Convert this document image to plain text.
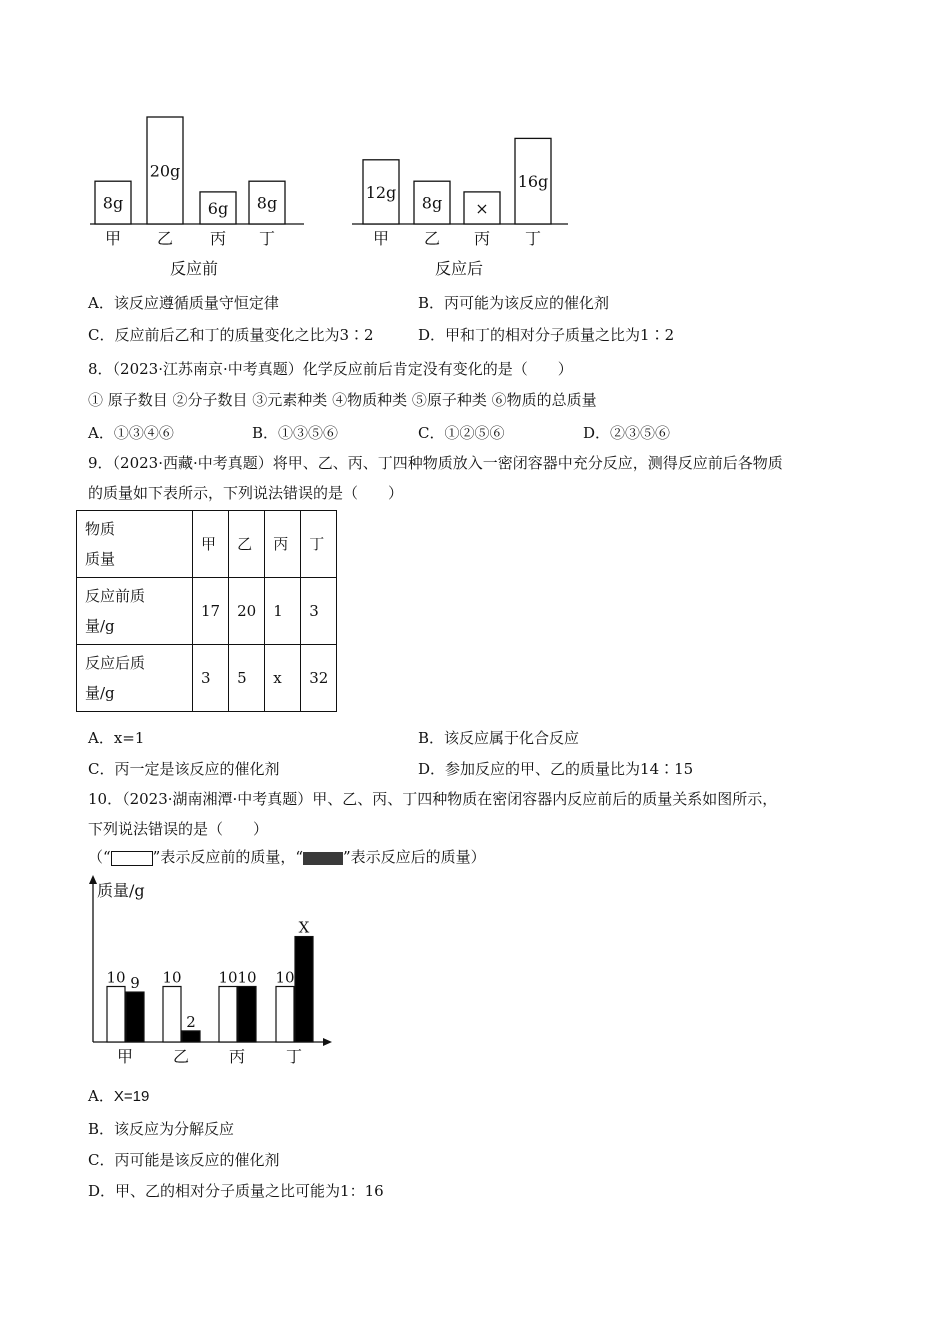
8g
甲
20g
乙
6g
丙
8g
丁
反应前
12g
甲
8g
乙
×
丙
16g
丁
反应后
A．该反应遵循质量守恒定律	B．丙可能为该反应的催化剂
C．反应前后乙和丁的质量变化之比为3∶2	D．甲和丁的相对分子质量之比为1∶2
8．（2023·江苏南京·中考真题）化学反应前后肯定没有变化的是（　　）
① 原子数目 ②分子数目 ③元素种类 ④物质种类 ⑤原子种类 ⑥物质的总质量
A．①③④⑥	B．①③⑤⑥	C．①②⑤⑥	D．②③⑤⑥
9．（2023·西藏·中考真题）将甲、乙、丙、丁四种物质放入一密闭容器中充分反应，测得反应前后各物质
的质量如下表所示，下列说法错误的是（　　）
物质
质量	甲	乙	丙	丁

反应前质
量/g	17	20	1	3

反应后质
量/g	3	5	x	32
A．x=1	B．该反应属于化合反应
C．丙一定是该反应的催化剂	D．参加反应的甲、乙的质量比为14∶15
10．（2023·湖南湘潭·中考真题）甲、乙、丙、丁四种物质在密闭容器内反应前后的质量关系如图所示，
下列说法错误的是（　　）
（“	”表示反应前的质量，“	”表示反应后的质量）
质量/g
10 9
甲
10
2
乙
10 10
丙
10
X
丁
A．X=19
B．该反应为分解反应
C．丙可能是该反应的催化剂
D．甲、乙的相对分子质量之比可能为1：16
